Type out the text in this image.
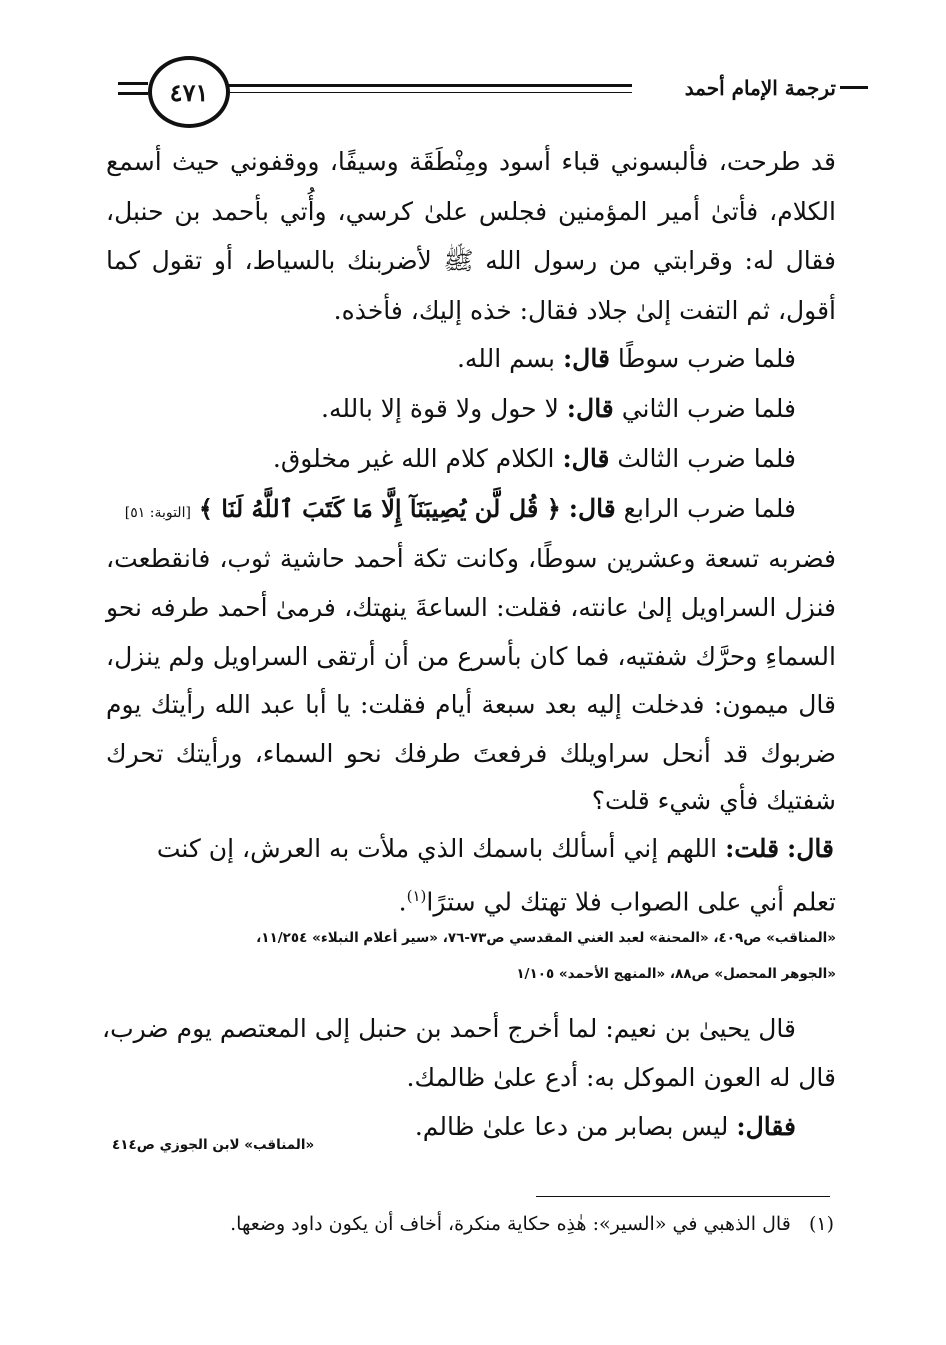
٤٧١	ترجمة الإمام أحمد
قد طرحت، فألبسوني قباء أسود ومِنْطَقَة وسيفًا، ووقفوني حيث أسمع
الكلام، فأتىٰ أمير المؤمنين فجلس علىٰ كرسي، وأُتي بأحمد بن حنبل،
فقال له: وقرابتي من رسول الله ﷺ لأضربنك بالسياط، أو تقول كما
أقول، ثم التفت إلىٰ جلاد فقال: خذه إليك، فأخذه.
فلما ضرب سوطًا قال: بسم الله.
فلما ضرب الثاني قال: لا حول ولا قوة إلا بالله.
فلما ضرب الثالث قال: الكلام كلام الله غير مخلوق.
فلما ضرب الرابع قال: ﴿ قُل لَّن يُصِيبَنَآ إِلَّا مَا كَتَبَ ٱللَّهُ لَنَا ﴾ [التوبة: ٥١]
فضربه تسعة وعشرين سوطًا، وكانت تكة أحمد حاشية ثوب، فانقطعت،
فنزل السراويل إلىٰ عانته، فقلت: الساعةَ ينهتك، فرمىٰ أحمد طرفه نحو
السماءِ وحرَّك شفتيه، فما كان بأسرع من أن أرتقى السراويل ولم ينزل،
قال ميمون: فدخلت إليه بعد سبعة أيام فقلت: يا أبا عبد الله رأيتك يوم
ضربوك قد أنحل سراويلك فرفعتَ طرفك نحو السماء، ورأيتك تحرك
شفتيك فأي شيء قلت؟
قال: قلت: اللهم إني أسألك باسمك الذي ملأت به العرش، إن كنت
تعلم أني على الصواب فلا تهتك لي سترًا$^{(١)}$.
«المناقب» ص٤٠٩، «المحنة» لعبد الغني المقدسي ص٧٣-٧٦، «سير أعلام النبلاء» ١١/٢٥٤،
«الجوهر المحصل» ص٨٨، «المنهج الأحمد» ١/١٠٥
قال يحيىٰ بن نعيم: لما أخرج أحمد بن حنبل إلى المعتصم يوم ضرب،
قال له العون الموكل به: أدع علىٰ ظالمك.
فقال: ليس بصابر من دعا علىٰ ظالم.
«المناقب» لابن الجوزي ص٤١٤
(١)   قال الذهبي في «السير»: هٰذِه حكاية منكرة، أخاف أن يكون داود وضعها.
